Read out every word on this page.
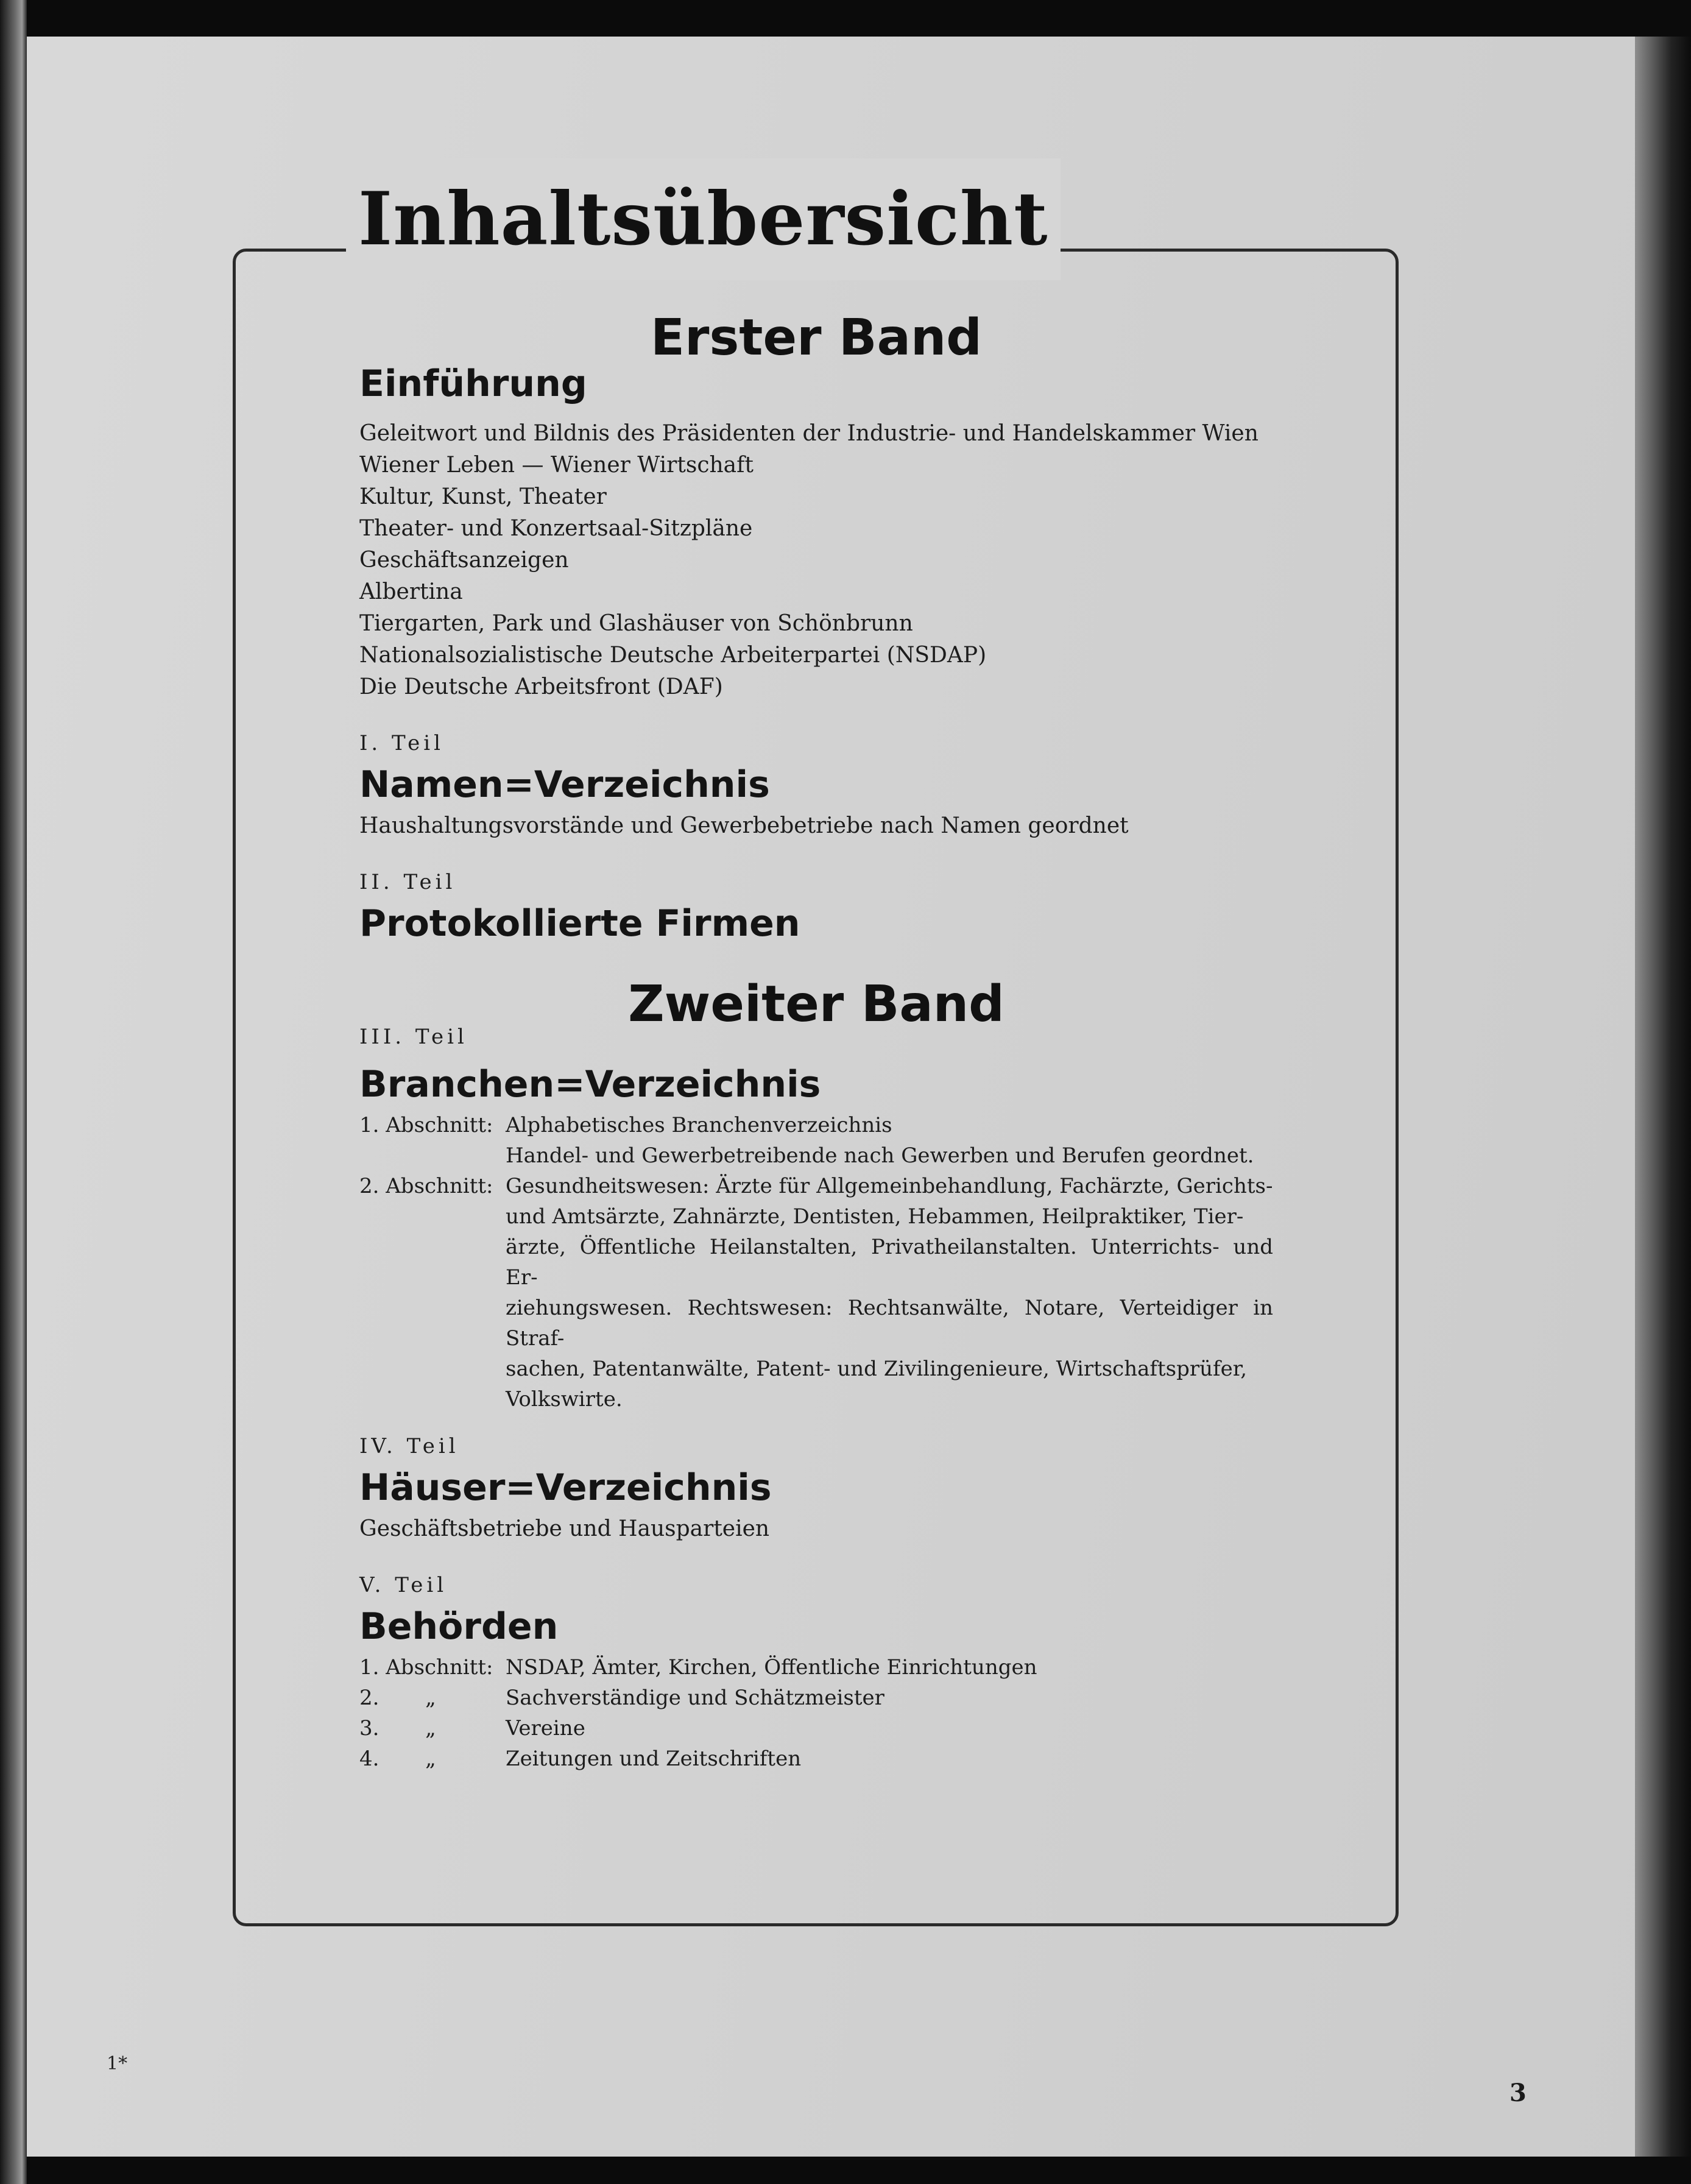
Inhaltsübersicht
Erster Band
Einführung
Geleitwort und Bildnis des Präsidenten der Industrie- und Handelskammer Wien
Wiener Leben — Wiener Wirtschaft
Kultur, Kunst, Theater
Theater- und Konzertsaal-Sitzpläne
Geschäftsanzeigen
Albertina
Tiergarten, Park und Glashäuser von Schönbrunn
Nationalsozialistische Deutsche Arbeiterpartei (NSDAP)
Die Deutsche Arbeitsfront (DAF)
I. Teil
Namen=Verzeichnis
Haushaltungsvorstände und Gewerbebetriebe nach Namen geordnet
II. Teil
Protokollierte Firmen
Zweiter Band
III. Teil
Branchen=Verzeichnis
1. Abschnitt: Alphabetisches Branchenverzeichnis
Handel- und Gewerbetreibende nach Gewerben und Berufen geordnet.
2. Abschnitt: Gesundheitswesen: Ärzte für Allgemeinbehandlung, Fachärzte, Gerichts-
und Amtsärzte, Zahnärzte, Dentisten, Hebammen, Heilpraktiker, Tier-
ärzte, Öffentliche Heilanstalten, Privatheilanstalten. Unterrichts- und Er-
ziehungswesen. Rechtswesen: Rechtsanwälte, Notare, Verteidiger in Straf-
sachen, Patentanwälte, Patent- und Zivilingenieure, Wirtschaftsprüfer,
Volkswirte.
IV. Teil
Häuser=Verzeichnis
Geschäftsbetriebe und Hausparteien
V. Teil
Behörden
1. Abschnitt: NSDAP, Ämter, Kirchen, Öffentliche Einrichtungen
2.       „	Sachverständige und Schätzmeister
3.       „	Vereine
4.       „	Zeitungen und Zeitschriften
1*
3
